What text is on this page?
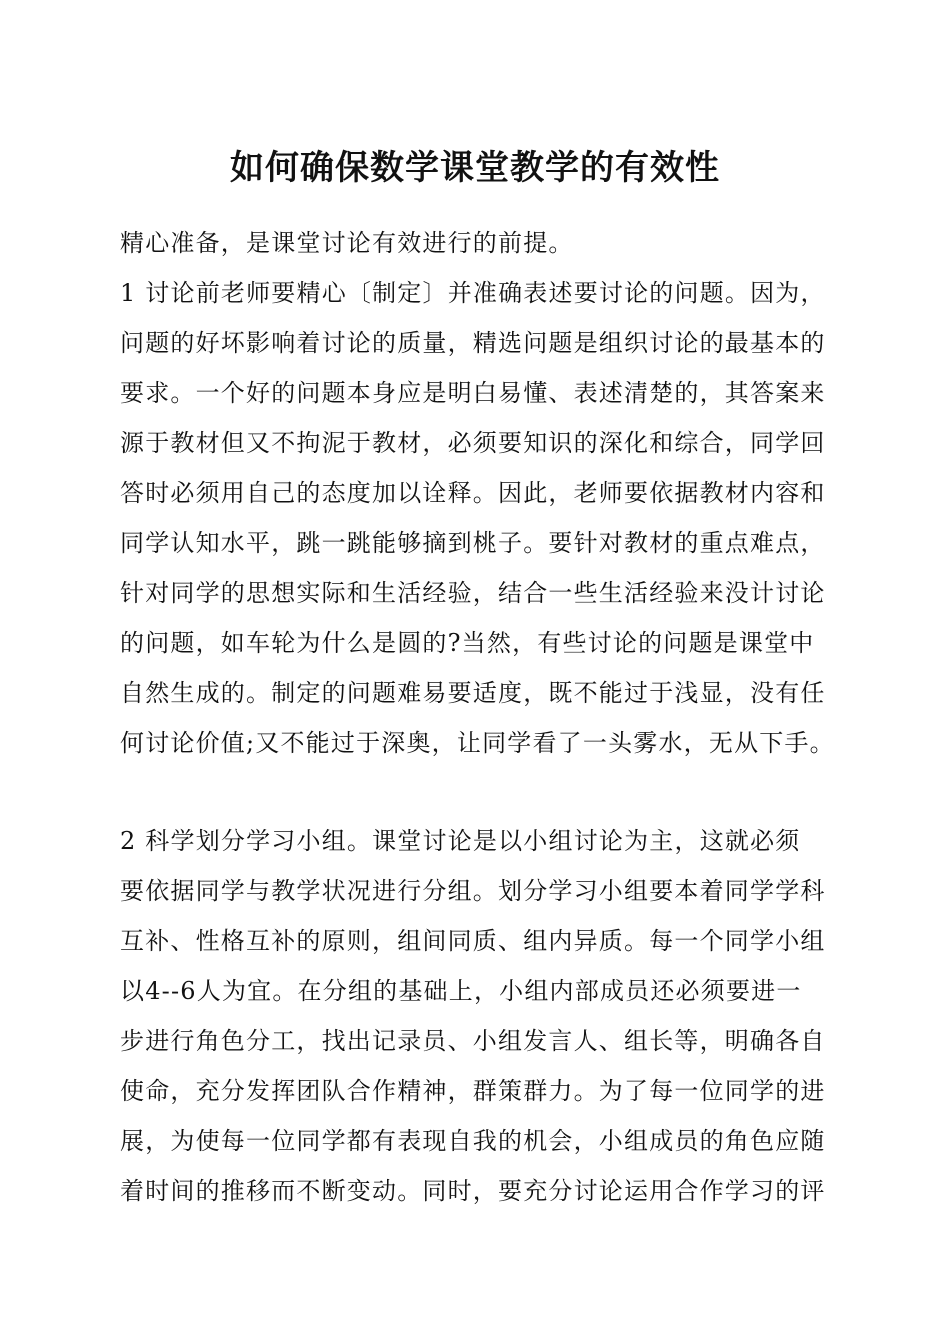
如何确保数学课堂教学的有效性
精心准备，是课堂讨论有效进行的前提。
1 讨论前老师要精心〔制定〕并准确表述要讨论的问题。因为，
问题的好坏影响着讨论的质量，精选问题是组织讨论的最基本的
要求。一个好的问题本身应是明白易懂、表述清楚的，其答案来
源于教材但又不拘泥于教材，必须要知识的深化和综合，同学回
答时必须用自己的态度加以诠释。因此，老师要依据教材内容和
同学认知水平，跳一跳能够摘到桃子。要针对教材的重点难点，
针对同学的思想实际和生活经验，结合一些生活经验来没计讨论
的问题，如车轮为什么是圆的?当然，有些讨论的问题是课堂中
自然生成的。制定的问题难易要适度，既不能过于浅显，没有任
何讨论价值;又不能过于深奥，让同学看了一头雾水，无从下手。
2 科学划分学习小组。课堂讨论是以小组讨论为主，这就必须
要依据同学与教学状况进行分组。划分学习小组要本着同学学科
互补、性格互补的原则，组间同质、组内异质。每一个同学小组
以4--6人为宜。在分组的基础上，小组内部成员还必须要进一
步进行角色分工，找出记录员、小组发言人、组长等，明确各自
使命，充分发挥团队合作精神，群策群力。为了每一位同学的进
展，为使每一位同学都有表现自我的机会，小组成员的角色应随
着时间的推移而不断变动。同时，要充分讨论运用合作学习的评
